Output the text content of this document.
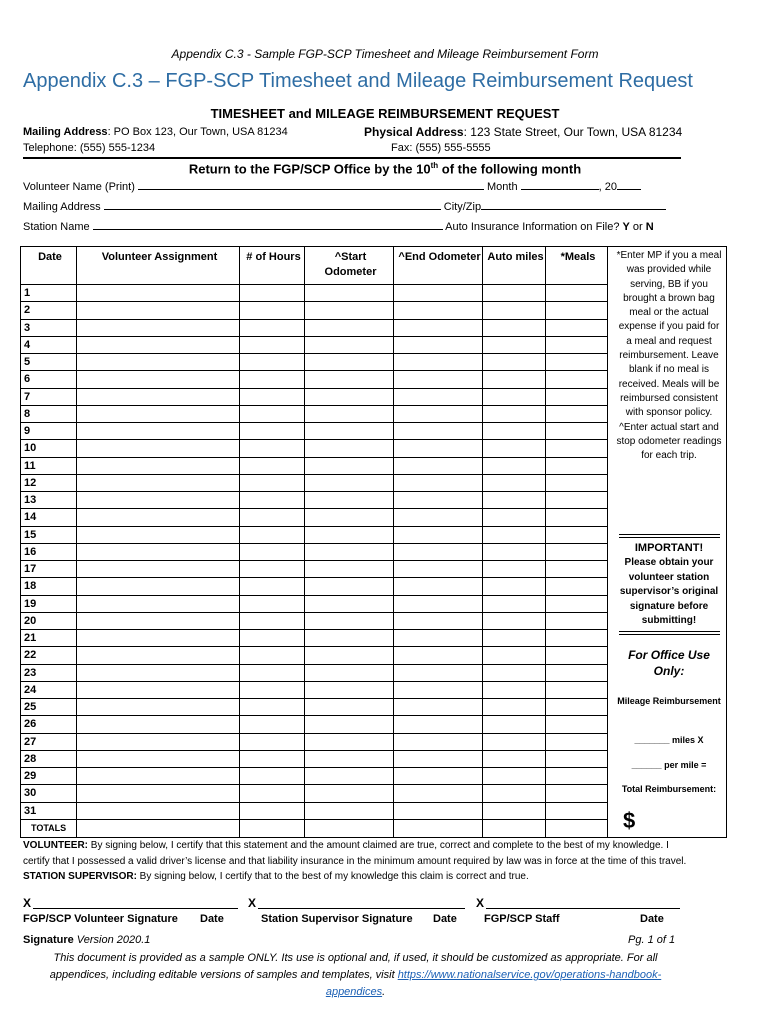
Appendix C.3 - Sample FGP-SCP Timesheet and Mileage Reimbursement Form
Appendix C.3 – FGP-SCP Timesheet and Mileage Reimbursement Request
TIMESHEET and MILEAGE REIMBURSEMENT REQUEST
Mailing Address: PO Box 123, Our Town, USA 81234	Physical Address: 123 State Street, Our Town, USA 81234
Telephone: (555) 555-1234	Fax: (555) 555-5555
Return to the FGP/SCP Office by the 10th of the following month
Volunteer Name (Print)	Month	, 20
Mailing Address	City/Zip
Station Name	Auto Insurance Information on File? Y or N
Date	Volunteer Assignment	# of Hours	^Start Odometer	^End Odometer	Auto miles	*Meals	
1							
2							
3							
4							
5							
6							
7							
8							
9							
10							
11							
12							
13							
14							
15							
16							
17							
18							
19							
20							
21							
22							
23							
24							
25							
26							
27							
28							
29							
30							
31							
TOTALS							
*Enter MP if you a meal was provided while serving, BB if you brought a brown bag meal or the actual expense if you paid for a meal and request reimbursement. Leave blank if no meal is received. Meals will be reimbursed consistent with sponsor policy. ^Enter actual start and stop odometer readings for each trip.
IMPORTANT!
Please obtain your volunteer station supervisor’s original signature before submitting!
For Office Use Only:
Mileage Reimbursement
_______ miles X
______ per mile =
Total Reimbursement:
$
VOLUNTEER: By signing below, I certify that this statement and the amount claimed are true, correct and complete to the best of my knowledge. I certify that I possessed a valid driver’s license and that liability insurance in the minimum amount required by law was in force at the time of this travel. STATION SUPERVISOR: By signing below, I certify that to the best of my knowledge this claim is correct and true.
X	X	X
FGP/SCP Volunteer Signature Date	Station Supervisor Signature Date FGP/SCP Staff	Date
Signature Version 2020.1	Pg. 1 of 1
This document is provided as a sample ONLY. Its use is optional and, if used, it should be customized as appropriate. For all appendices, including editable versions of samples and templates, visit https://www.nationalservice.gov/operations-handbook-appendices.
